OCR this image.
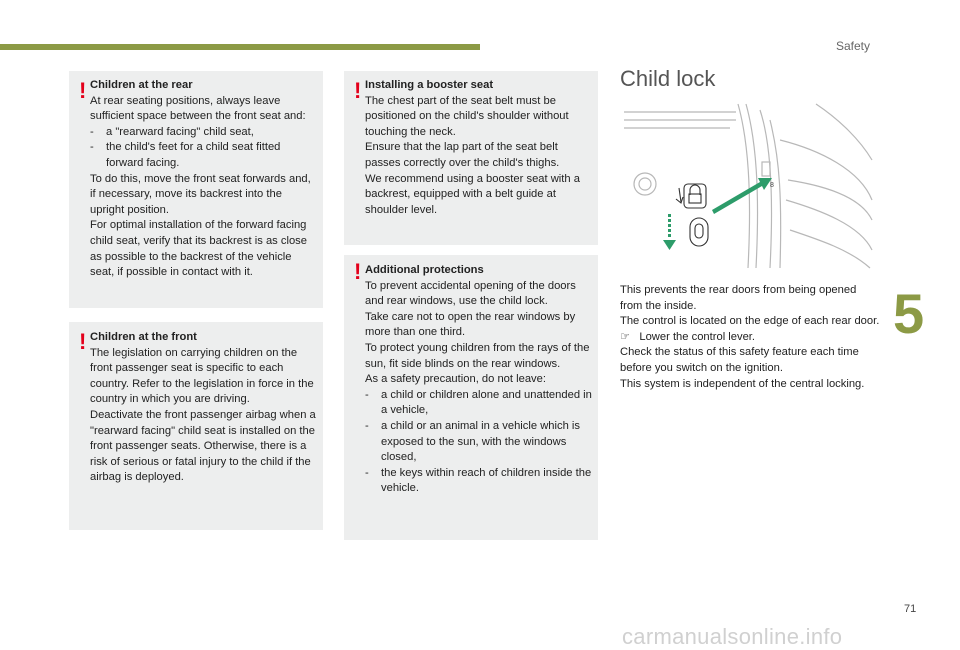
Safety
! Children at the rear

At rear seating positions, always leave sufficient space between the front seat and:

- a "rearward facing" child seat,

- the child's feet for a child seat fitted forward facing.

To do this, move the front seat forwards and, if necessary, move its backrest into the upright position.

For optimal installation of the forward facing child seat, verify that its backrest is as close as possible to the backrest of the vehicle seat, if possible in contact with it.

! Children at the front

The legislation on carrying children on the front passenger seat is specific to each country. Refer to the legislation in force in the country in which you are driving.

Deactivate the front passenger airbag when a "rearward facing" child seat is installed on the front passenger seats. Otherwise, there is a risk of serious or fatal injury to the child if the airbag is deployed.

! Installing a booster seat

The chest part of the seat belt must be positioned on the child's shoulder without touching the neck.

Ensure that the lap part of the seat belt passes correctly over the child's thighs.

We recommend using a booster seat with a backrest, equipped with a belt guide at shoulder level.

! Additional protections

To prevent accidental opening of the doors and rear windows, use the child lock.

Take care not to open the rear windows by more than one third.

To protect young children from the rays of the sun, fit side blinds on the rear windows.

As a safety precaution, do not leave:

- a child or children alone and unattended in a vehicle,

- a child or an animal in a vehicle which is exposed to the sun, with the windows closed,

- the keys within reach of children inside the vehicle.

Child lock
8

This prevents the rear doors from being opened from the inside.

The control is located on the edge of each rear door.

☞ Lower the control lever.

Check the status of this safety feature each time before you switch on the ignition.

This system is independent of the central locking.

5
71
carmanualsonline.info
